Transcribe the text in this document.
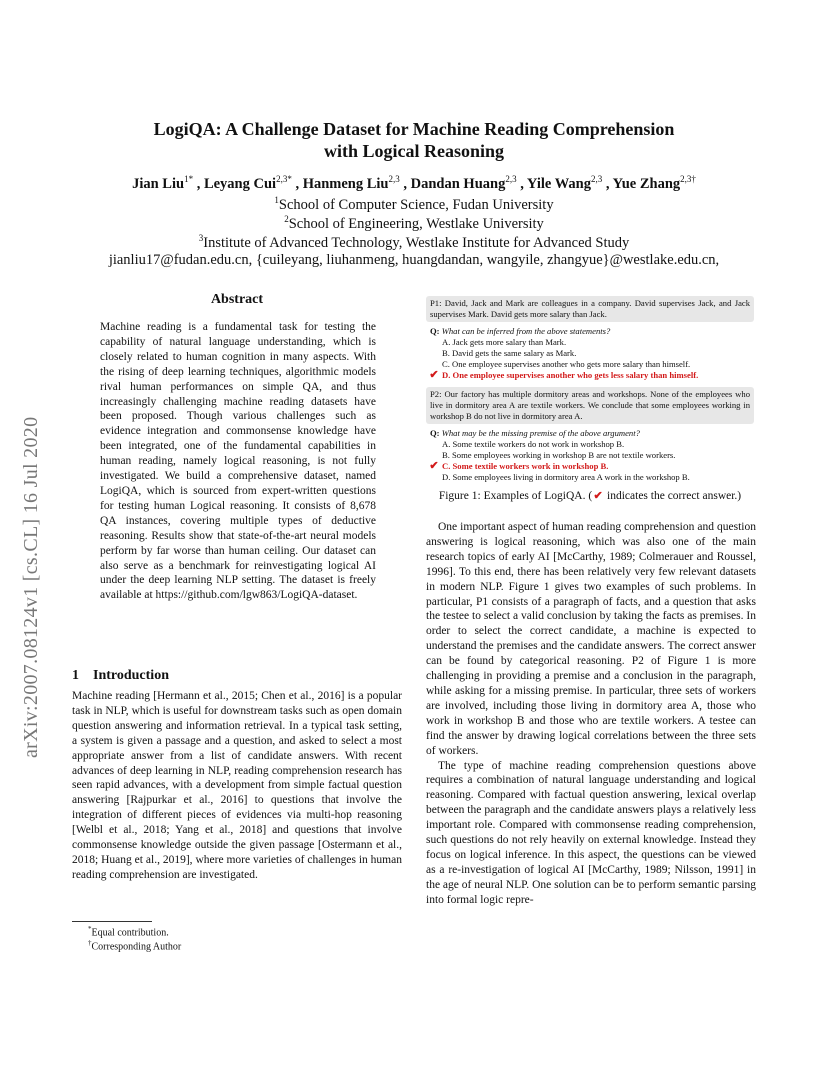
LogiQA: A Challenge Dataset for Machine Reading Comprehension
with Logical Reasoning
Jian Liu$^{1*}$ , Leyang Cui$^{2,3*}$ , Hanmeng Liu$^{2,3}$ , Dandan Huang$^{2,3}$ , Yile Wang$^{2,3}$ , Yue Zhang$^{2,3\dagger}$
$^1$School of Computer Science, Fudan University
$^2$School of Engineering, Westlake University
$^3$Institute of Advanced Technology, Westlake Institute for Advanced Study
jianliu17@fudan.edu.cn, {cuileyang, liuhanmeng, huangdandan, wangyile, zhangyue}@westlake.edu.cn,
arXiv:2007.08124v1 [cs.CL] 16 Jul 2020
Abstract
Machine reading is a fundamental task for testing the capability of natural language understanding, which is closely related to human cognition in many aspects. With the rising of deep learning techniques, algorithmic models rival human performances on simple QA, and thus increasingly challenging machine reading datasets have been proposed. Though various challenges such as evidence integration and commonsense knowledge have been integrated, one of the fundamental capabilities in human reading, namely logical reasoning, is not fully investigated. We build a comprehensive dataset, named LogiQA, which is sourced from expert-written questions for testing human Logical reasoning. It consists of 8,678 QA instances, covering multiple types of deductive reasoning. Results show that state-of-the-art neural models perform by far worse than human ceiling. Our dataset can also serve as a benchmark for reinvestigating logical AI under the deep learning NLP setting. The dataset is freely available at https://github.com/lgw863/LogiQA-dataset.
1 Introduction

Machine reading [Hermann et al., 2015; Chen et al., 2016] is a popular task in NLP, which is useful for downstream tasks such as open domain question answering and information retrieval. In a typical task setting, a system is given a passage and a question, and asked to select a most appropriate answer from a list of candidate answers. With recent advances of deep learning in NLP, reading comprehension research has seen rapid advances, with a development from simple factual question answering [Rajpurkar et al., 2016] to questions that involve the integration of different pieces of evidences via multi-hop reasoning [Welbl et al., 2018; Yang et al., 2018] and questions that involve commonsense knowledge outside the given passage [Ostermann et al., 2018; Huang et al., 2019], where more varieties of challenges in human reading comprehension are investigated.

*Equal contribution.
†Corresponding Author
P1: David, Jack and Mark are colleagues in a company. David supervises Jack, and Jack supervises Mark. David gets more salary than Jack.
Q: What can be inferred from the above statements?
A. Jack gets more salary than Mark.
B. David gets the same salary as Mark.
C. One employee supervises another who gets more salary than himself.
✔ D. One employee supervises another who gets less salary than himself.
P2: Our factory has multiple dormitory areas and workshops. None of the employees who live in dormitory area A are textile workers. We conclude that some employees working in workshop B do not live in dormitory area A.
Q: What may be the missing premise of the above argument?
A. Some textile workers do not work in workshop B.
B. Some employees working in workshop B are not textile workers.
✔ C. Some textile workers work in workshop B.
D. Some employees living in dormitory area A work in the workshop B.
Figure 1: Examples of LogiQA. (✔ indicates the correct answer.)

One important aspect of human reading comprehension and question answering is logical reasoning, which was also one of the main research topics of early AI [McCarthy, 1989; Colmerauer and Roussel, 1996]. To this end, there has been relatively very few relevant datasets in modern NLP. Figure 1 gives two examples of such problems. In particular, P1 consists of a paragraph of facts, and a question that asks the testee to select a valid conclusion by taking the facts as premises. In order to select the correct candidate, a machine is expected to understand the premises and the candidate answers. The correct answer can be found by categorical reasoning. P2 of Figure 1 is more challenging in providing a premise and a conclusion in the paragraph, while asking for a missing premise. In particular, three sets of workers are involved, including those living in dormitory area A, those who work in workshop B and those who are textile workers. A testee can find the answer by drawing logical correlations between the three sets of workers.

The type of machine reading comprehension questions above requires a combination of natural language understanding and logical reasoning. Compared with factual question answering, lexical overlap between the paragraph and the candidate answers plays a relatively less important role. Compared with commonsense reading comprehension, such questions do not rely heavily on external knowledge. Instead they focus on logical inference. In this aspect, the questions can be viewed as a re-investigation of logical AI [McCarthy, 1989; Nilsson, 1991] in the age of neural NLP. One solution can be to perform semantic parsing into formal logic repre-
